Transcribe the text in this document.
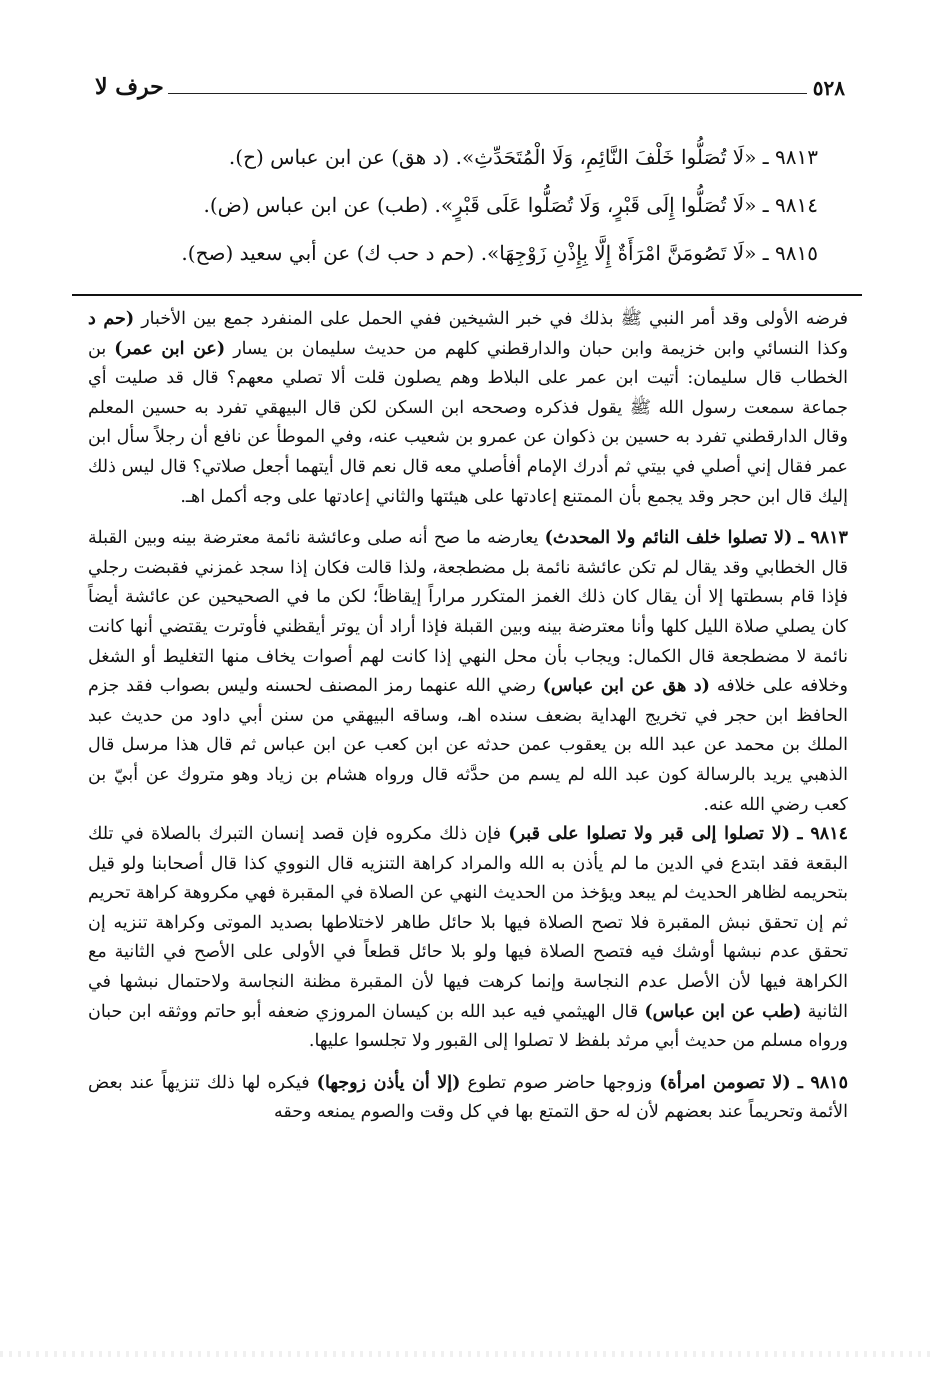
حرف لا	٥٢٨
٩٨١٣ ـ «لَا تُصَلُّوا خَلْفَ النَّائِمِ، وَلَا الْمُتَحَدِّثِ». (د هق) عن ابن عباس (ح).
٩٨١٤ ـ «لَا تُصَلُّوا إِلَى قَبْرٍ، وَلَا تُصَلُّوا عَلَى قَبْرٍ». (طب) عن ابن عباس (ض).
٩٨١٥ ـ «لَا تَصُومَنَّ امْرَأَةٌ إِلَّا بِإِذْنِ زَوْجِهَا». (حم د حب ك) عن أبي سعيد (صح).

فرضه الأولى وقد أمر النبي ﷺ بذلك في خبر الشيخين ففي الحمل على المنفرد جمع بين الأخبار (حم د وكذا النسائي وابن خزيمة وابن حبان والدارقطني كلهم من حديث سليمان بن يسار (عن ابن عمر) بن الخطاب قال سليمان: أتيت ابن عمر على البلاط وهم يصلون قلت ألا تصلي معهم؟ قال قد صليت أي جماعة سمعت رسول الله ﷺ يقول فذكره وصححه ابن السكن لكن قال البيهقي تفرد به حسين المعلم وقال الدارقطني تفرد به حسين بن ذكوان عن عمرو بن شعيب عنه، وفي الموطأ عن نافع أن رجلاً سأل ابن عمر فقال إني أصلي في بيتي ثم أدرك الإمام أفأصلي معه قال نعم قال أيتهما أجعل صلاتي؟ قال ليس ذلك إليك قال ابن حجر وقد يجمع بأن الممتنع إعادتها على هيئتها والثاني إعادتها على وجه أكمل اهـ.

٩٨١٣ ـ (لا تصلوا خلف النائم ولا المحدث) يعارضه ما صح أنه صلى وعائشة نائمة معترضة بينه وبين القبلة قال الخطابي وقد يقال لم تكن عائشة نائمة بل مضطجعة، ولذا قالت فكان إذا سجد غمزني فقبضت رجلي فإذا قام بسطتها إلا أن يقال كان ذلك الغمز المتكرر مراراً إيقاظاً؛ لكن ما في الصحيحين عن عائشة أيضاً كان يصلي صلاة الليل كلها وأنا معترضة بينه وبين القبلة فإذا أراد أن يوتر أيقظني فأوترت يقتضي أنها كانت نائمة لا مضطجعة قال الكمال: ويجاب بأن محل النهي إذا كانت لهم أصوات يخاف منها التغليط أو الشغل وخلافه على خلافه (د هق عن ابن عباس) رضي الله عنهما رمز المصنف لحسنه وليس بصواب فقد جزم الحافظ ابن حجر في تخريج الهداية بضعف سنده اهـ، وساقه البيهقي من سنن أبي داود من حديث عبد الملك بن محمد عن عبد الله بن يعقوب عمن حدثه عن ابن كعب عن ابن عباس ثم قال هذا مرسل قال الذهبي يريد بالرسالة كون عبد الله لم يسم من حدَّثه قال ورواه هشام بن زياد وهو متروك عن أبيّ بن كعب رضي الله عنه.

٩٨١٤ ـ (لا تصلوا إلى قبر ولا تصلوا على قبر) فإن ذلك مكروه فإن قصد إنسان التبرك بالصلاة في تلك البقعة فقد ابتدع في الدين ما لم يأذن به الله والمراد كراهة التنزيه قال النووي كذا قال أصحابنا ولو قيل بتحريمه لظاهر الحديث لم يبعد ويؤخذ من الحديث النهي عن الصلاة في المقبرة فهي مكروهة كراهة تحريم ثم إن تحقق نبش المقبرة فلا تصح الصلاة فيها بلا حائل طاهر لاختلاطها بصديد الموتى وكراهة تنزيه إن تحقق عدم نبشها أوشك فيه فتصح الصلاة فيها ولو بلا حائل قطعاً في الأولى على الأصح في الثانية مع الكراهة فيها لأن الأصل عدم النجاسة وإنما كرهت فيها لأن المقبرة مظنة النجاسة ولاحتمال نبشها في الثانية (طب عن ابن عباس) قال الهيثمي فيه عبد الله بن كيسان المروزي ضعفه أبو حاتم ووثقه ابن حبان ورواه مسلم من حديث أبي مرثد بلفظ لا تصلوا إلى القبور ولا تجلسوا عليها.

٩٨١٥ ـ (لا تصومن امرأة) وزوجها حاضر صوم تطوع (إلا أن يأذن زوجها) فيكره لها ذلك تنزيهاً عند بعض الأئمة وتحريماً عند بعضهم لأن له حق التمتع بها في كل وقت والصوم يمنعه وحقه
